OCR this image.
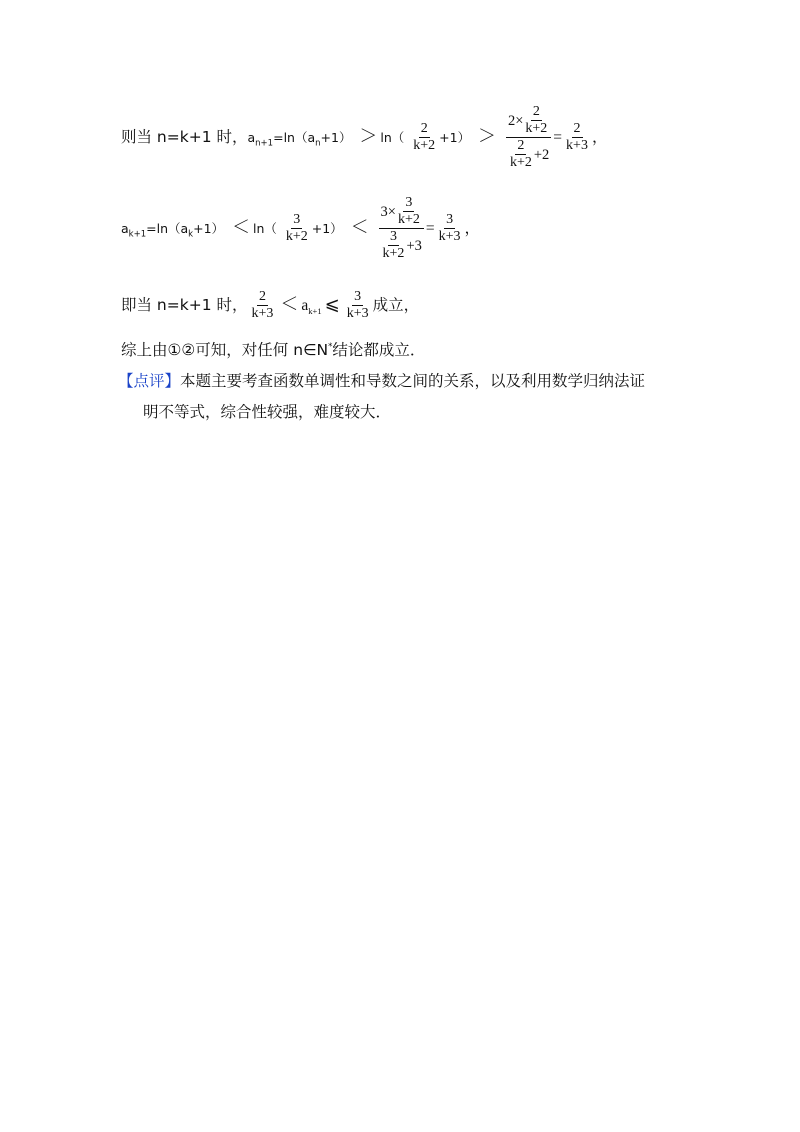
则当 n=k+1 时，$a_{n+1}=\ln(a_n+1) > \ln( \frac{2}{k+2} +1) > \frac{2\times \frac{2}{k+2}}{\frac{2}{k+2} +2} = \frac{2}{k+3}$ ，
$a_{k+1}=\ln(a_k+1) < \ln( \frac{3}{k+2} +1) < \frac{3\times \frac{3}{k+2}}{\frac{3}{k+2} +3} = \frac{3}{k+3}$ ，
即当 n=k+1 时， $\frac{2}{k+3} < a_{k+1}$ ⩽ $\frac{3}{k+3}$ 成立，
综上由①②可知，对任何 n∈N*结论都成立．
【点评】本题主要考查函数单调性和导数之间的关系，以及利用数学归纳法证
明不等式，综合性较强，难度较大．
